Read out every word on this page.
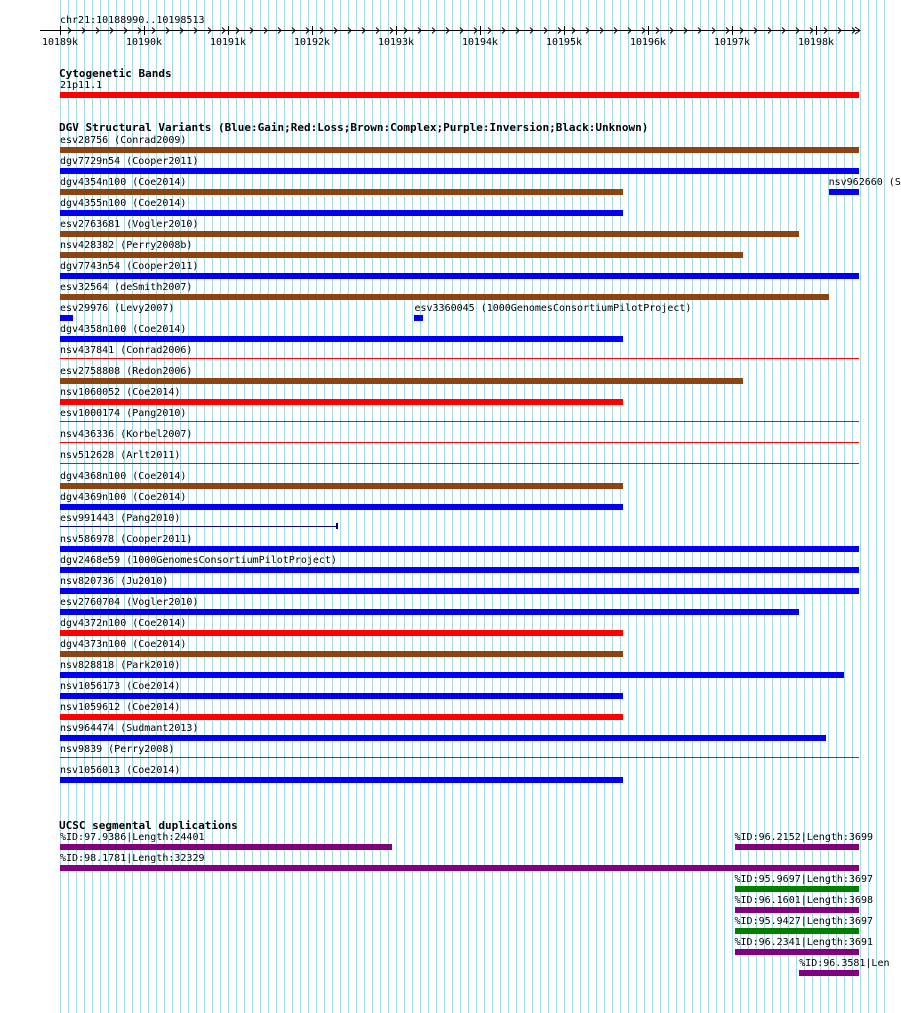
10189k	10190k	10191k	10192k	10193k	10194k	10195k	10196k	10197k	10198k
chr21:10188990..10198513
Cytogenetic Bands
21p11.1
DGV Structural Variants (Blue:Gain;Red:Loss;Brown:Complex;Purple:Inversion;Black:Unknown)
esv28756 (Conrad2009)
dgv7729n54 (Cooper2011)
dgv4354n100 (Coe2014)	nsv962660 (S
dgv4355n100 (Coe2014)
esv2763681 (Vogler2010)
nsv428382 (Perry2008b)
dgv7743n54 (Cooper2011)
esv32564 (deSmith2007)
esv29976 (Levy2007)	esv3360045 (1000GenomesConsortiumPilotProject)
dgv4358n100 (Coe2014)
nsv437841 (Conrad2006)
esv2758808 (Redon2006)
nsv1060052 (Coe2014)
esv1000174 (Pang2010)
nsv436336 (Korbel2007)
nsv512628 (Arlt2011)
dgv4368n100 (Coe2014)
dgv4369n100 (Coe2014)
esv991443 (Pang2010)
nsv586978 (Cooper2011)
dgv2468e59 (1000GenomesConsortiumPilotProject)
nsv820736 (Ju2010)
esv2760704 (Vogler2010)
dgv4372n100 (Coe2014)
dgv4373n100 (Coe2014)
nsv828818 (Park2010)
nsv1056173 (Coe2014)
nsv1059612 (Coe2014)
nsv964474 (Sudmant2013)
nsv9839 (Perry2008)
nsv1056013 (Coe2014)
UCSC segmental duplications
%ID:97.9386|Length:24401	%ID:96.2152|Length:3699
%ID:98.1781|Length:32329
%ID:95.9697|Length:3697
%ID:96.1601|Length:3698
%ID:95.9427|Length:3697
%ID:96.2341|Length:3691
%ID:96.3581|Len
